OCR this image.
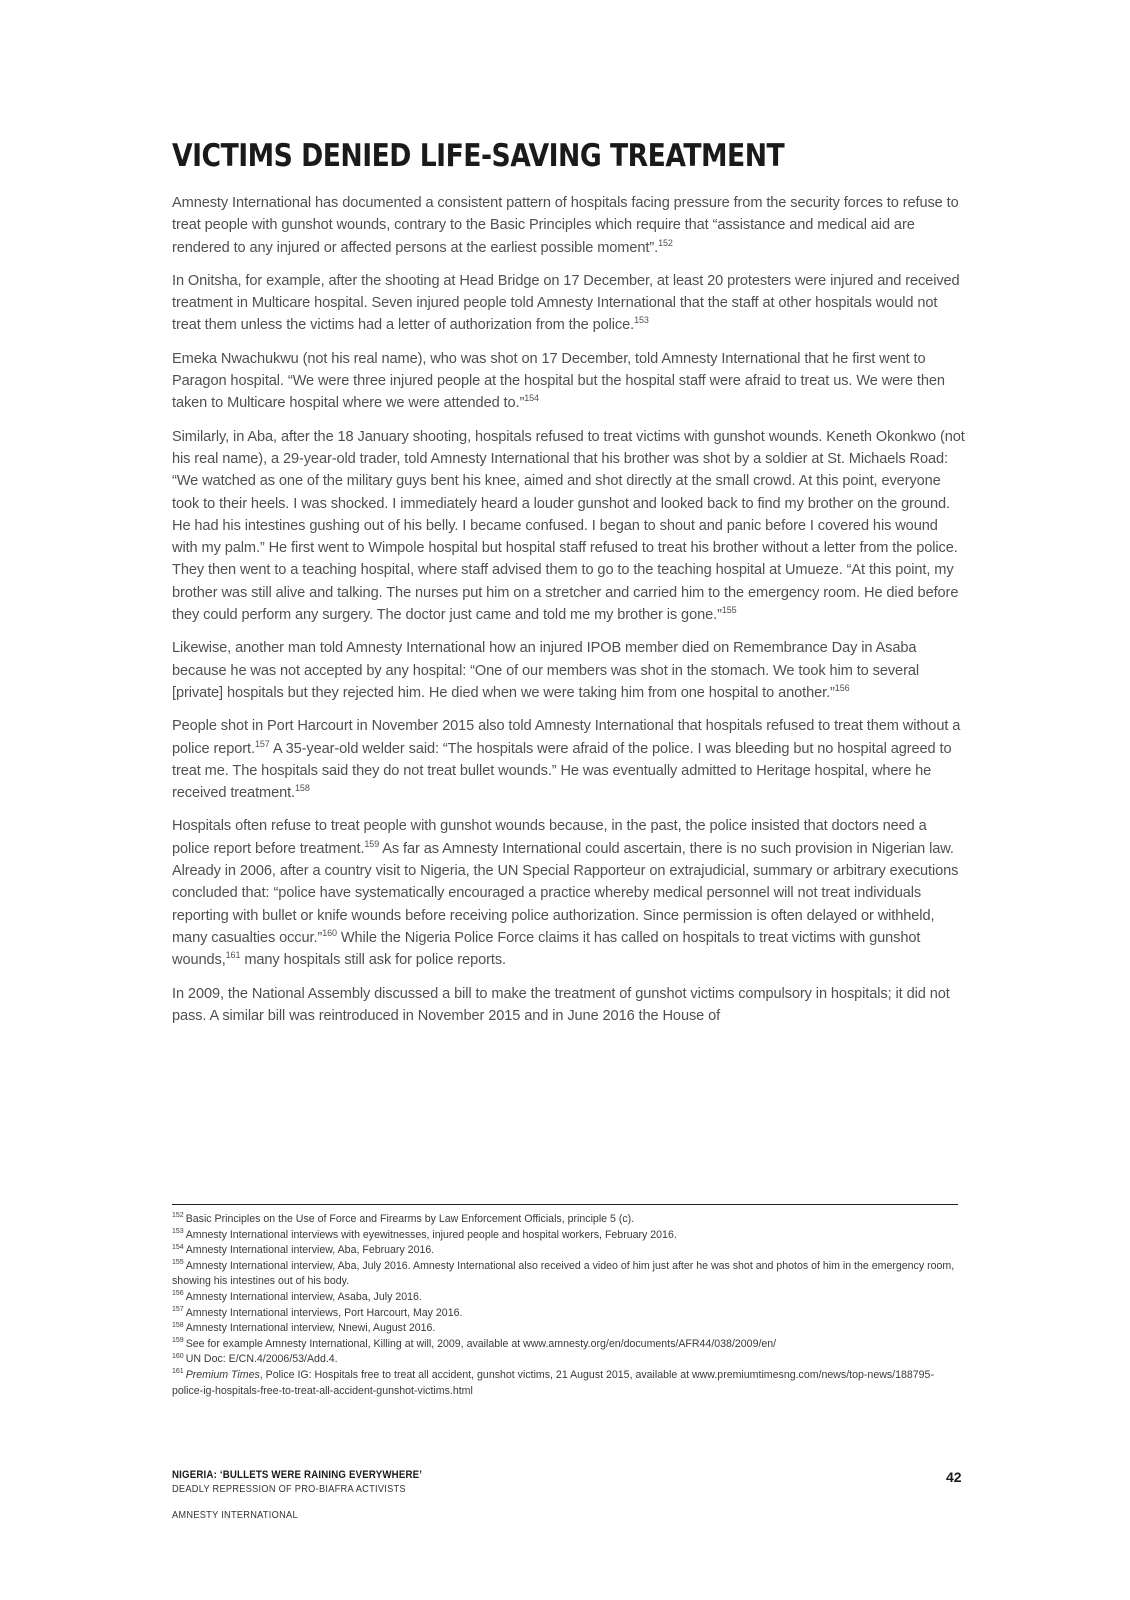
VICTIMS DENIED LIFE-SAVING TREATMENT

Amnesty International has documented a consistent pattern of hospitals facing pressure from the security forces to refuse to treat people with gunshot wounds, contrary to the Basic Principles which require that “assistance and medical aid are rendered to any injured or affected persons at the earliest possible moment”.$^{152}$

In Onitsha, for example, after the shooting at Head Bridge on 17 December, at least 20 protesters were injured and received treatment in Multicare hospital. Seven injured people told Amnesty International that the staff at other hospitals would not treat them unless the victims had a letter of authorization from the police.$^{153}$

Emeka Nwachukwu (not his real name), who was shot on 17 December, told Amnesty International that he first went to Paragon hospital. “We were three injured people at the hospital but the hospital staff were afraid to treat us. We were then taken to Multicare hospital where we were attended to.”$^{154}$

Similarly, in Aba, after the 18 January shooting, hospitals refused to treat victims with gunshot wounds. Keneth Okonkwo (not his real name), a 29-year-old trader, told Amnesty International that his brother was shot by a soldier at St. Michaels Road: “We watched as one of the military guys bent his knee, aimed and shot directly at the small crowd. At this point, everyone took to their heels. I was shocked. I immediately heard a louder gunshot and looked back to find my brother on the ground. He had his intestines gushing out of his belly. I became confused. I began to shout and panic before I covered his wound with my palm.” He first went to Wimpole hospital but hospital staff refused to treat his brother without a letter from the police. They then went to a teaching hospital, where staff advised them to go to the teaching hospital at Umueze. “At this point, my brother was still alive and talking. The nurses put him on a stretcher and carried him to the emergency room. He died before they could perform any surgery. The doctor just came and told me my brother is gone.”$^{155}$

Likewise, another man told Amnesty International how an injured IPOB member died on Remembrance Day in Asaba because he was not accepted by any hospital: “One of our members was shot in the stomach. We took him to several [private] hospitals but they rejected him. He died when we were taking him from one hospital to another.”$^{156}$

People shot in Port Harcourt in November 2015 also told Amnesty International that hospitals refused to treat them without a police report.$^{157}$ A 35-year-old welder said: “The hospitals were afraid of the police. I was bleeding but no hospital agreed to treat me. The hospitals said they do not treat bullet wounds.” He was eventually admitted to Heritage hospital, where he received treatment.$^{158}$

Hospitals often refuse to treat people with gunshot wounds because, in the past, the police insisted that doctors need a police report before treatment.$^{159}$ As far as Amnesty International could ascertain, there is no such provision in Nigerian law. Already in 2006, after a country visit to Nigeria, the UN Special Rapporteur on extrajudicial, summary or arbitrary executions concluded that: “police have systematically encouraged a practice whereby medical personnel will not treat individuals reporting with bullet or knife wounds before receiving police authorization. Since permission is often delayed or withheld, many casualties occur.”$^{160}$ While the Nigeria Police Force claims it has called on hospitals to treat victims with gunshot wounds,$^{161}$ many hospitals still ask for police reports.

In 2009, the National Assembly discussed a bill to make the treatment of gunshot victims compulsory in hospitals; it did not pass. A similar bill was reintroduced in November 2015 and in June 2016 the House of

$^{152}$ Basic Principles on the Use of Force and Firearms by Law Enforcement Officials, principle 5 (c).

$^{153}$ Amnesty International interviews with eyewitnesses, injured people and hospital workers, February 2016.

$^{154}$ Amnesty International interview, Aba, February 2016.

$^{155}$ Amnesty International interview, Aba, July 2016. Amnesty International also received a video of him just after he was shot and photos of him in the emergency room, showing his intestines out of his body.

$^{156}$ Amnesty International interview, Asaba, July 2016.

$^{157}$ Amnesty International interviews, Port Harcourt, May 2016.

$^{158}$ Amnesty International interview, Nnewi, August 2016.

$^{159}$ See for example Amnesty International, Killing at will, 2009, available at www.amnesty.org/en/documents/AFR44/038/2009/en/

$^{160}$ UN Doc: E/CN.4/2006/53/Add.4.

$^{161}$ Premium Times, Police IG: Hospitals free to treat all accident, gunshot victims, 21 August 2015, available at www.premiumtimesng.com/news/top-news/188795-police-ig-hospitals-free-to-treat-all-accident-gunshot-victims.html

NIGERIA: ‘BULLETS WERE RAINING EVERYWHERE’
DEADLY REPRESSION OF PRO-BIAFRA ACTIVISTS
AMNESTY INTERNATIONAL
42
